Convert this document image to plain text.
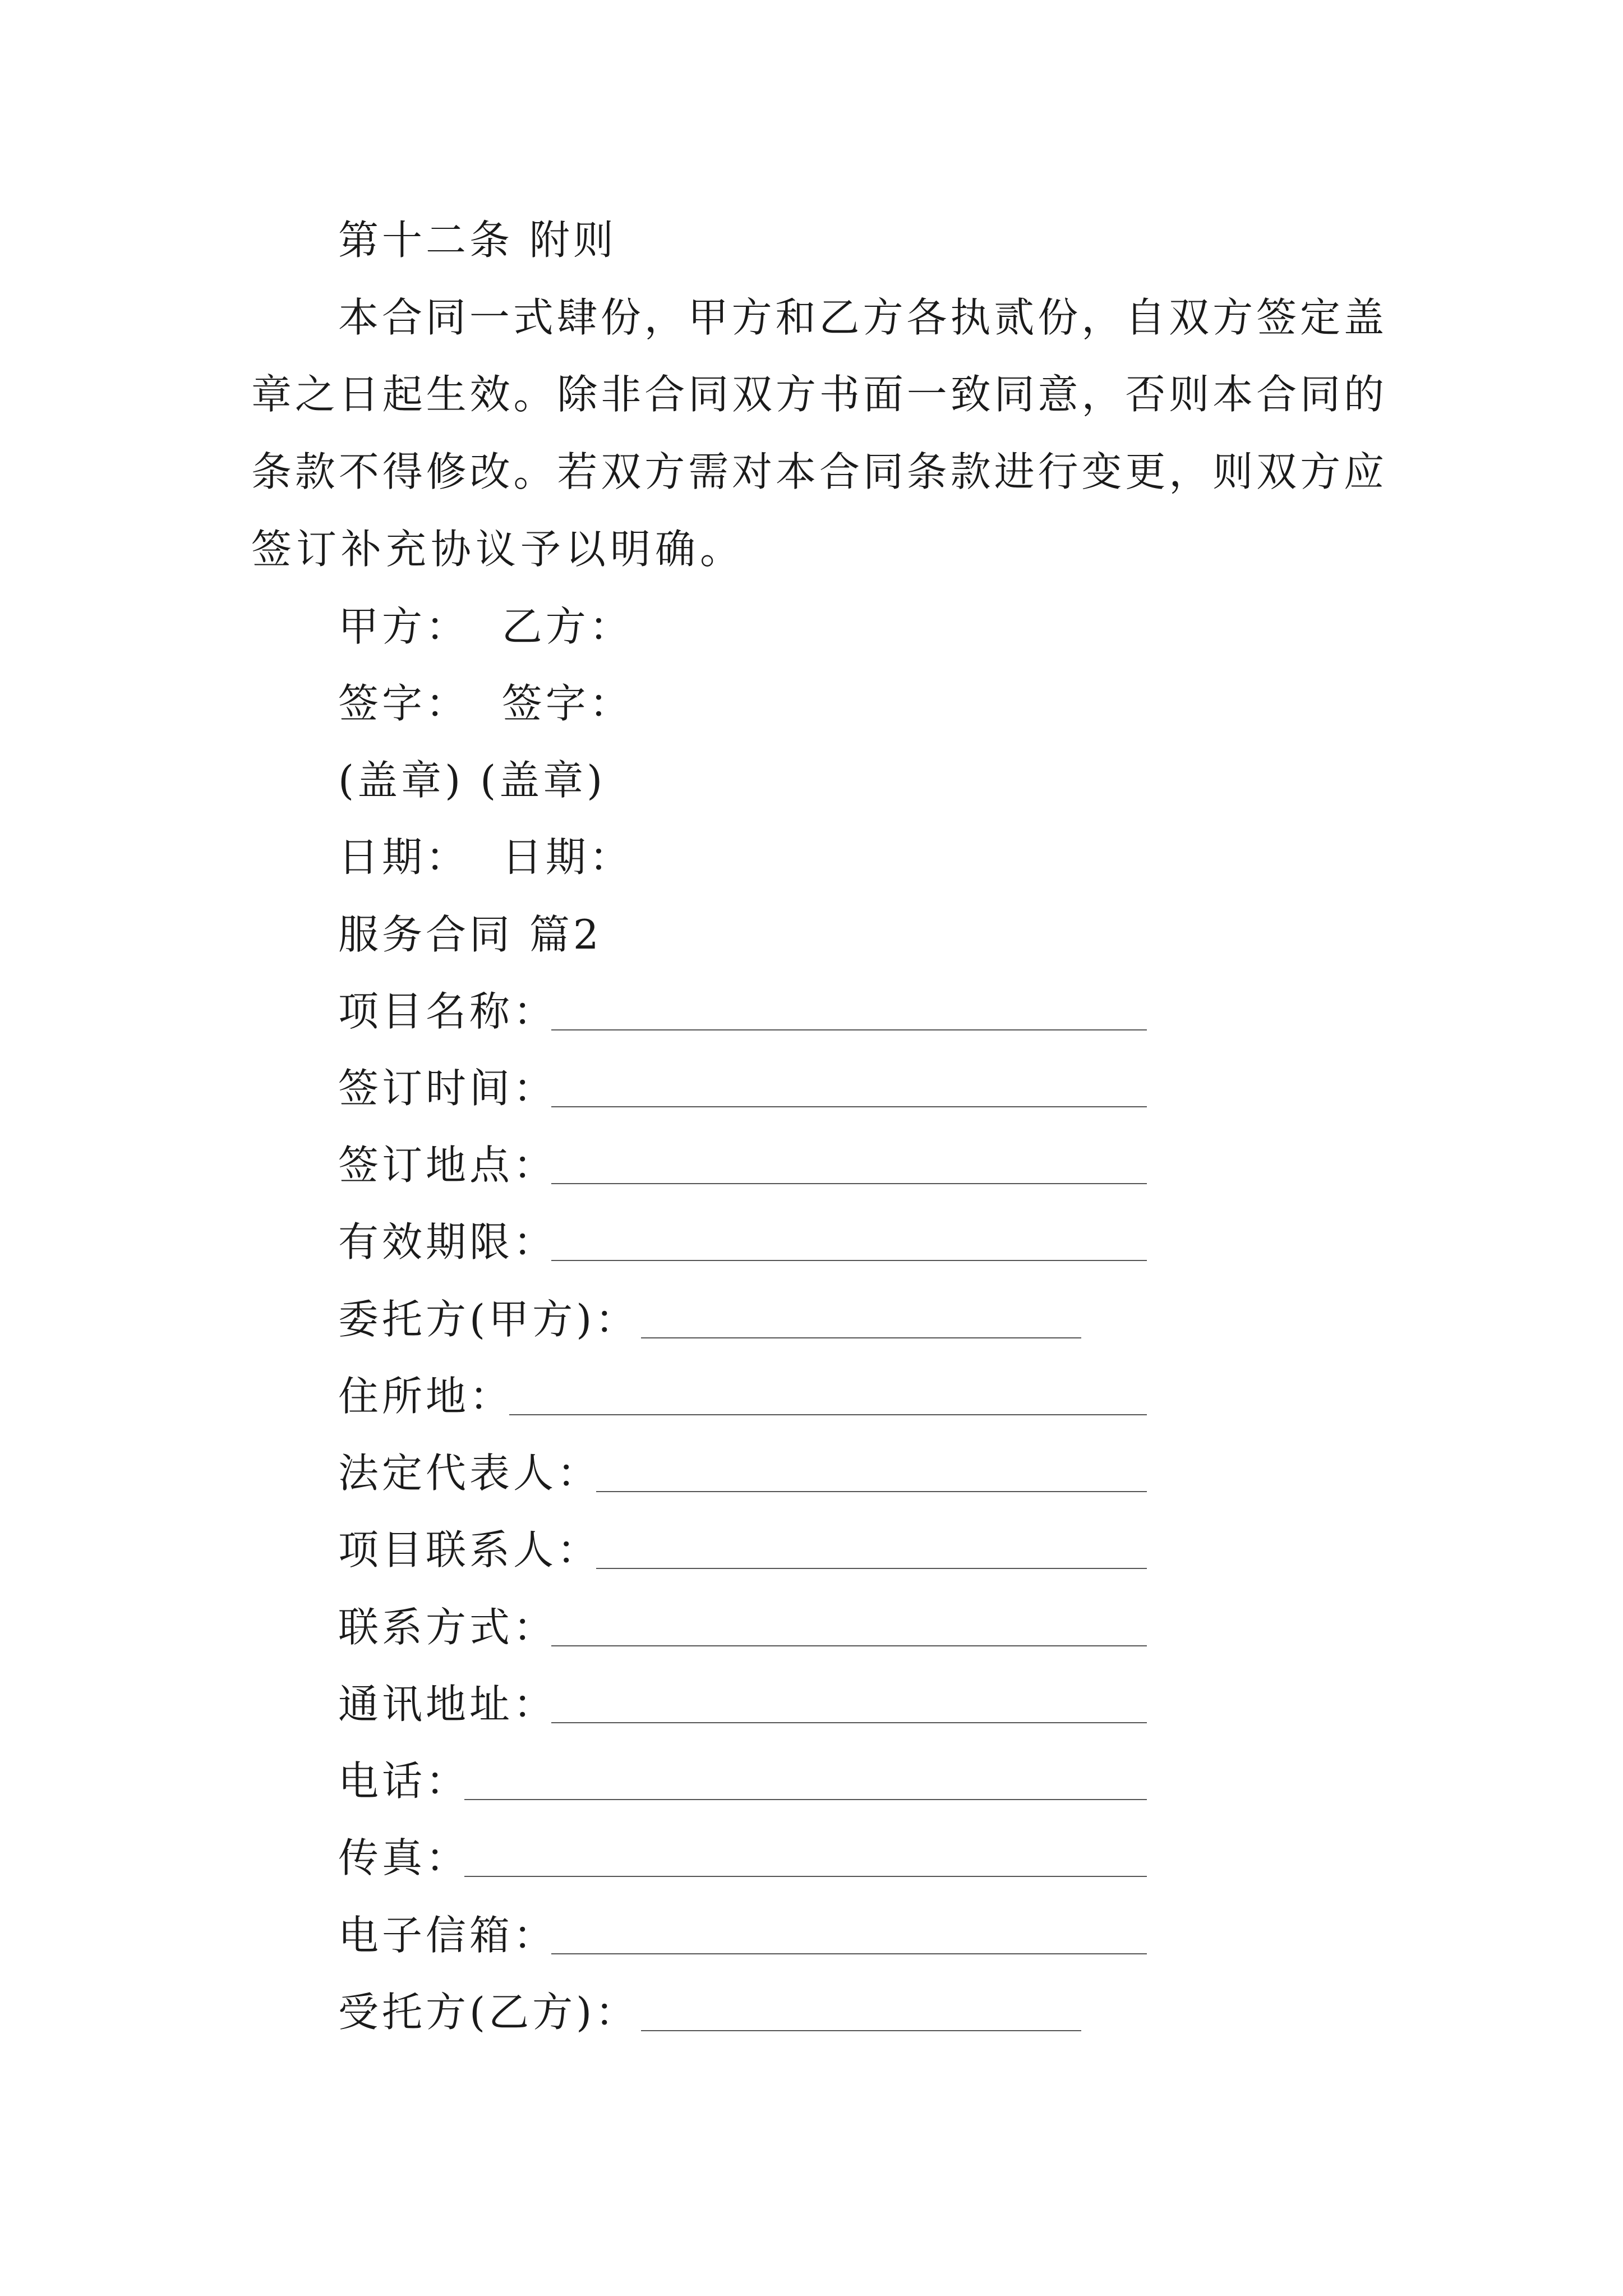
第十二条 附则
本合同一式肆份，甲方和乙方各执贰份，自双方签定盖
章之日起生效。除非合同双方书面一致同意，否则本合同的
条款不得修改。若双方需对本合同条款进行变更，则双方应
签订补充协议予以明确。
甲方：  乙方：
签字：  签字：
(盖章) (盖章)
日期：  日期：
服务合同 篇2
项目名称：
签订时间：
签订地点：
有效期限：
委托方(甲方)：
住所地：
法定代表人：
项目联系人：
联系方式：
通讯地址：
电话：
传真：
电子信箱：
受托方(乙方)：
